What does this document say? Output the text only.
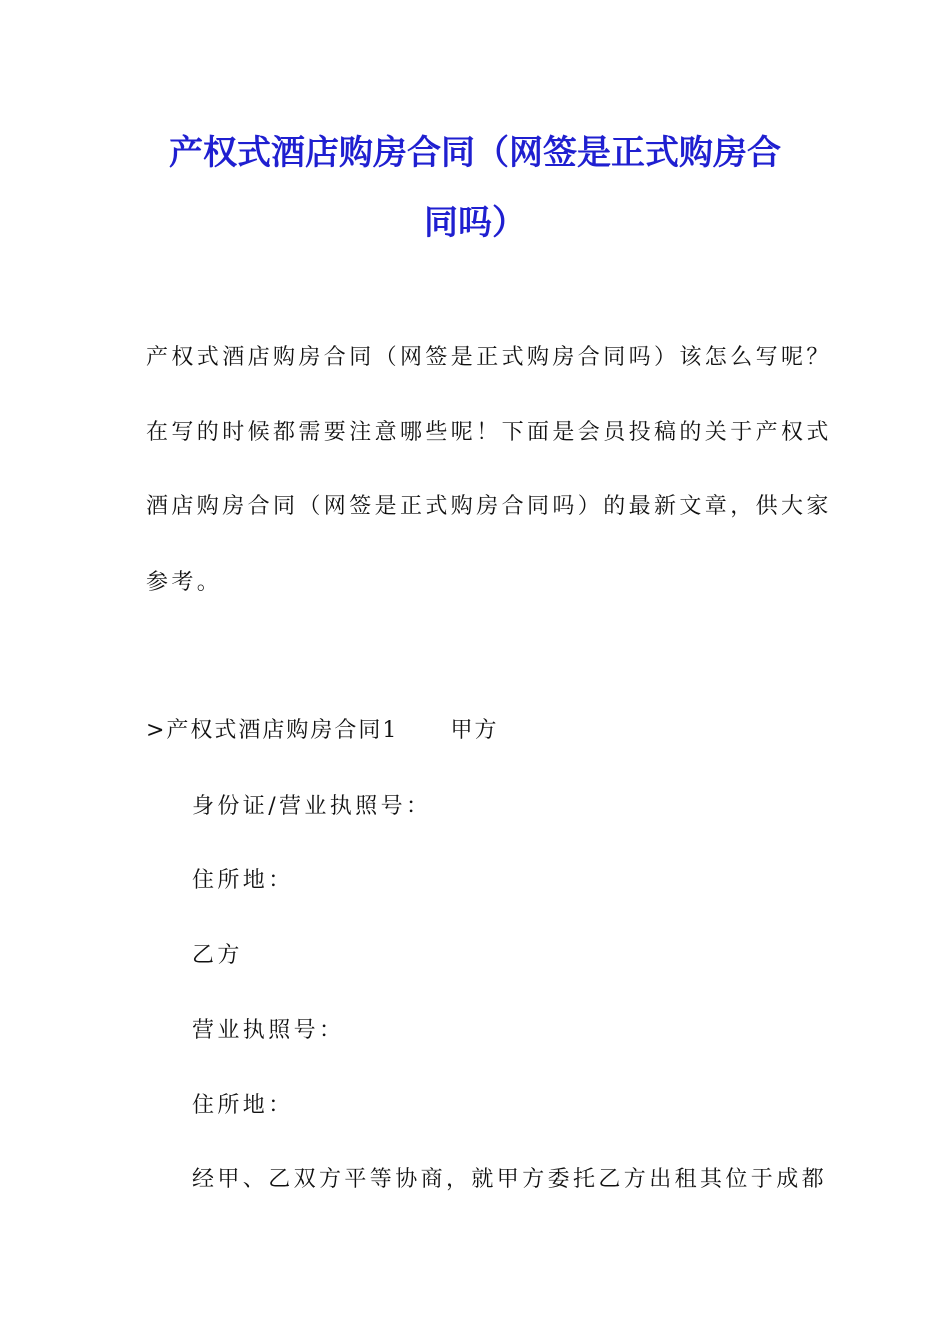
产权式酒店购房合同（网签是正式购房合
同吗）
产权式酒店购房合同（网签是正式购房合同吗）该怎么写呢？
在写的时候都需要注意哪些呢！下面是会员投稿的关于产权式
酒店购房合同（网签是正式购房合同吗）的最新文章，供大家
参考。
>产权式酒店购房合同1 甲方
身份证/营业执照号：
住所地：
乙方
营业执照号：
住所地：
经甲、乙双方平等协商，就甲方委托乙方出租其位于成都
